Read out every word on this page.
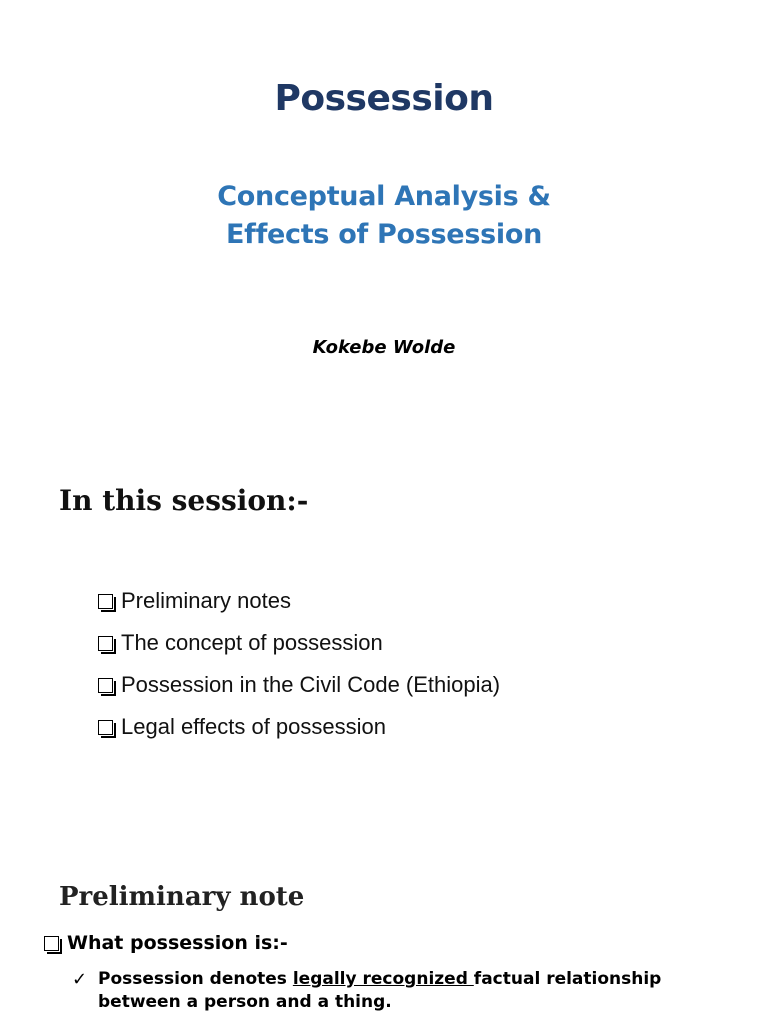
Possession
Conceptual Analysis &
Effects of Possession

Kokebe Wolde

In this session:-
Preliminary notes
The concept of possession
Possession in the Civil Code (Ethiopia)
Legal effects of possession
Preliminary note
What possession is:-
✓ Possession denotes legally recognized factual relationship between a person and a thing.
